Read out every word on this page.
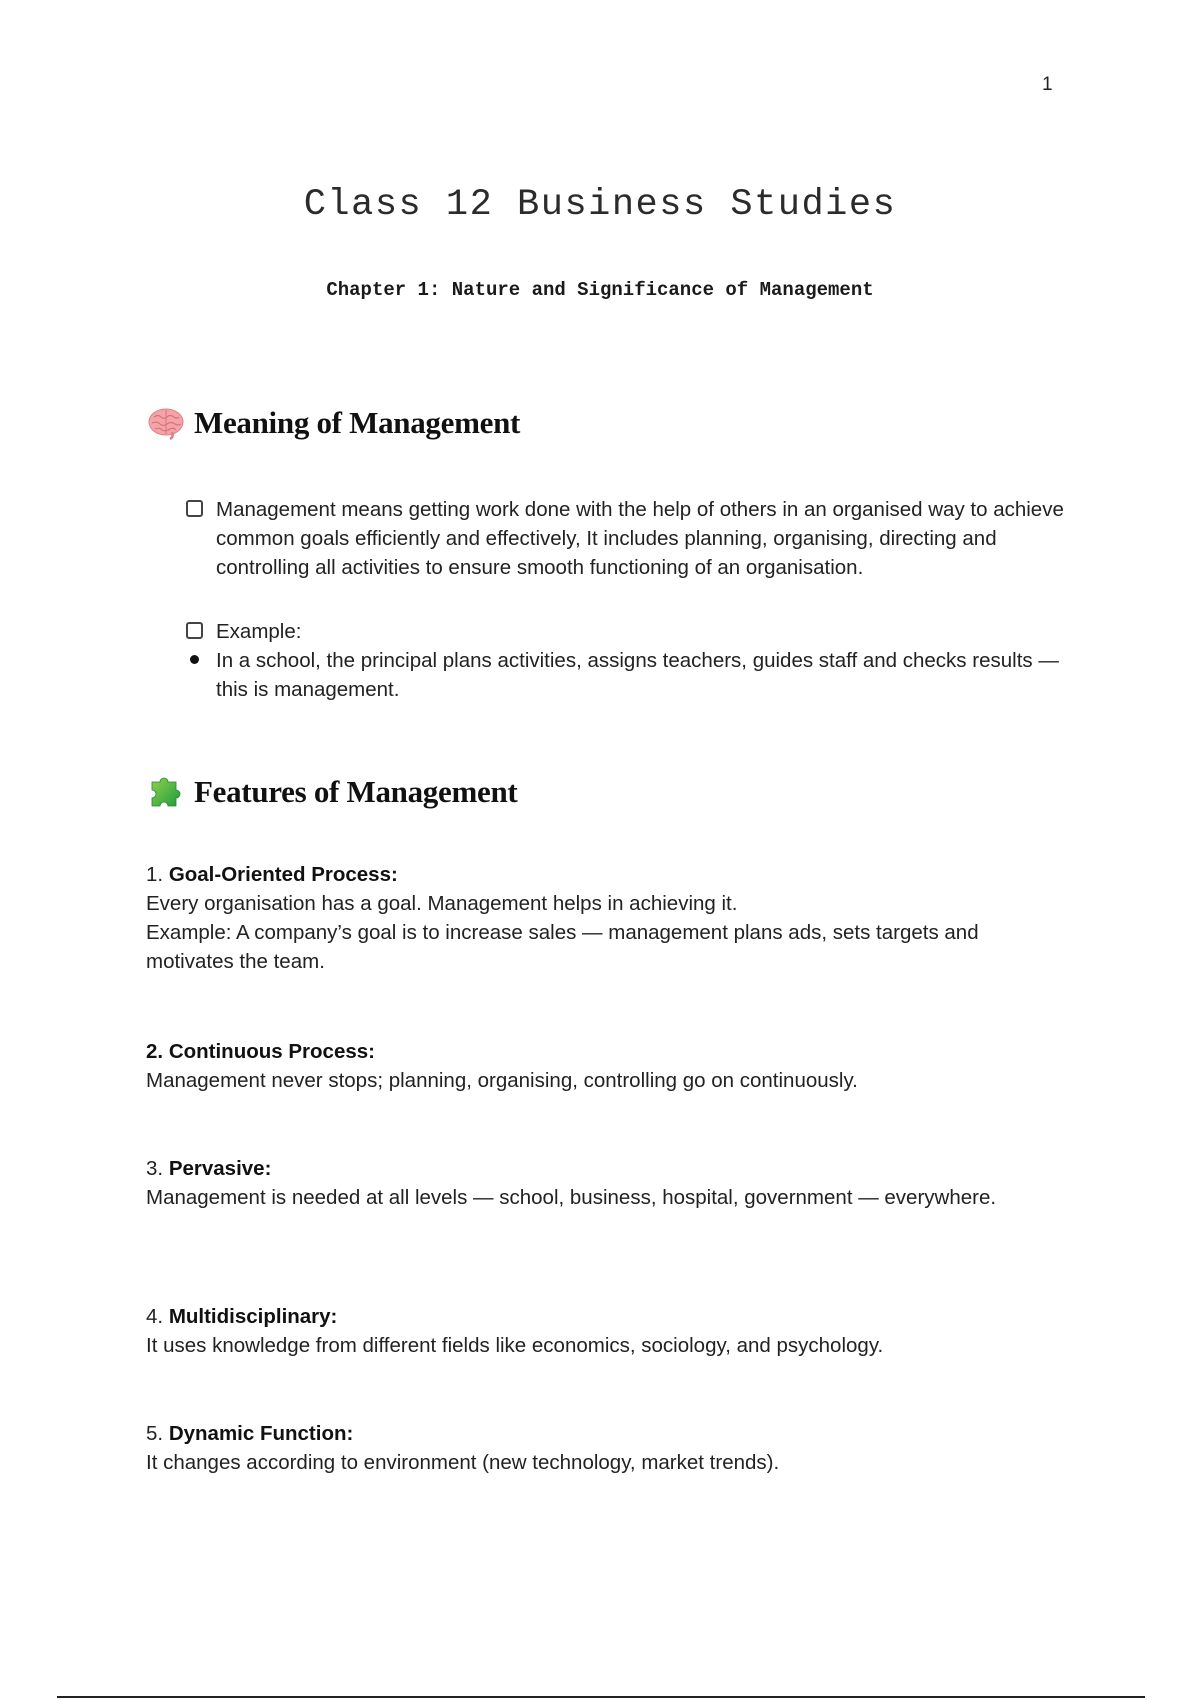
1
Class 12 Business Studies
Chapter 1: Nature and Significance of Management
Meaning of Management
Management means getting work done with the help of others in an organised way to achieve common goals efficiently and effectively, It includes planning, organising, directing and controlling all activities to ensure smooth functioning of an organisation.
Example:
In a school, the principal plans activities, assigns teachers, guides staff and checks results — this is management.
Features of Management
1. Goal-Oriented Process:

Every organisation has a goal. Management helps in achieving it.

Example: A company’s goal is to increase sales — management plans ads, sets targets and motivates the team.

2. Continuous Process:

Management never stops; planning, organising, controlling go on continuously.

3. Pervasive:

Management is needed at all levels — school, business, hospital, government — everywhere.

4. Multidisciplinary:

It uses knowledge from different fields like economics, sociology, and psychology.

5. Dynamic Function:

It changes according to environment (new technology, market trends).
